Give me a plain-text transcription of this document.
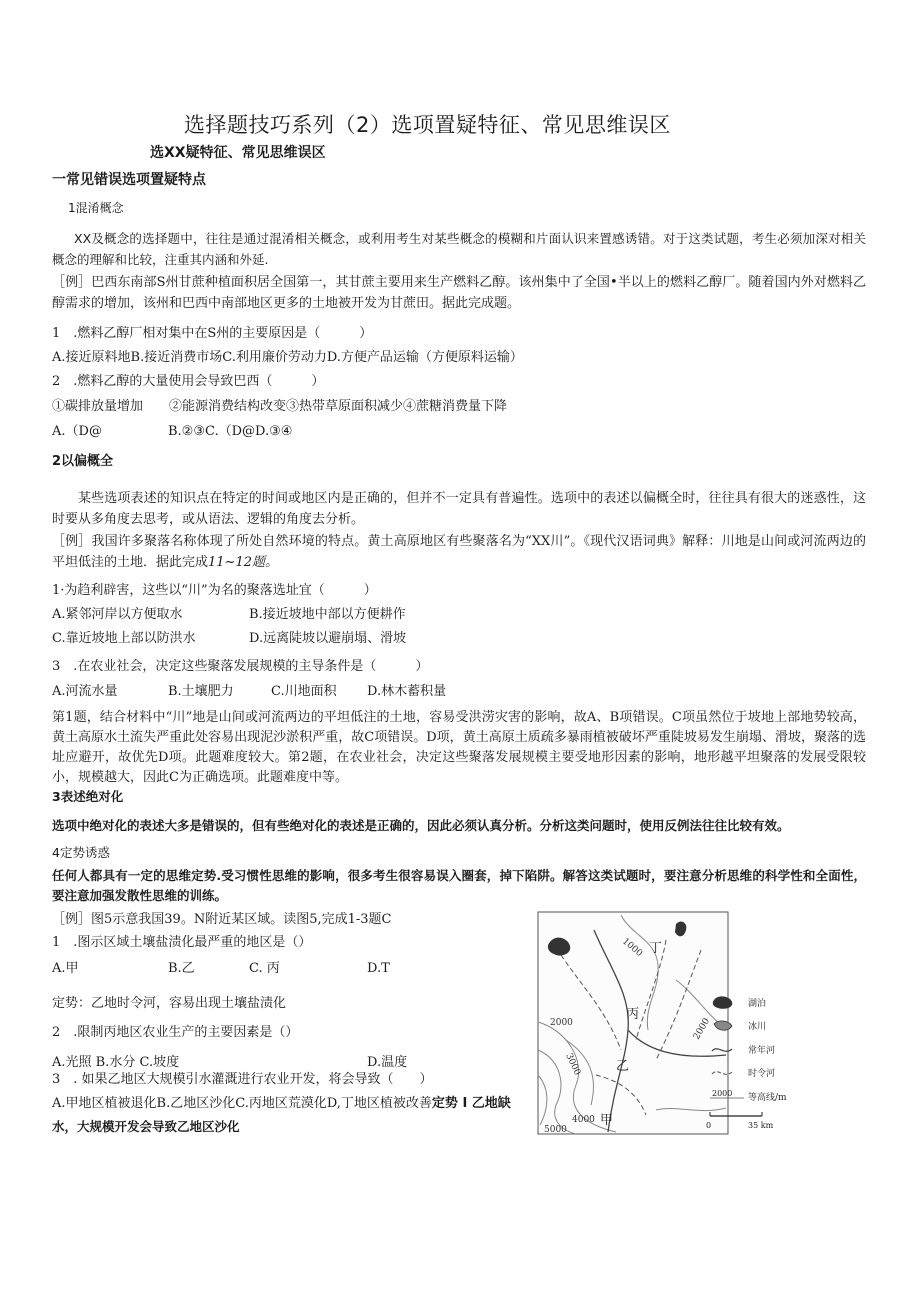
选择题技巧系列（2）选项置疑特征、常见思维误区
选XX疑特征、常见思维误区
一常见错误选项置疑特点
1混淆概念
XX及概念的选择题中，往往是通过混淆相关概念，或利用考生对某些概念的模糊和片面认识来置感诱错。对于这类试题，考生必须加深对相关概念的理解和比较，注重其内涵和外延.
［例］巴西东南部S州甘蔗种植面积居全国第一，其甘蔗主要用来生产燃料乙醇。该州集中了全国•半以上的燃料乙醇厂。随着国内外对燃料乙醇需求的增加，该州和巴西中南部地区更多的土地被开发为甘蔗田。据此完成题。
1　.燃料乙醇厂相对集中在S州的主要原因是（　　　）
A.接近原料地B.接近消费市场C.利用廉价劳动力D.方便产品运输（方便原料运输）
2　.燃料乙醇的大量使用会导致巴西（　　　）
①碳排放量增加　　②能源消费结构改变③热带草原面积减少④蔗糖消费量下降
A.（D@	B.②③C.（D@D.③④
2以偏概全
某些选项表述的知识点在特定的时间或地区内是正确的，但并不一定具有普遍性。选项中的表述以偏概全时，往往具有很大的迷惑性，这时要从多角度去思考，或从语法、逻辑的角度去分析。
［例］我国许多聚落名称体现了所处自然环境的特点。黄土高原地区有些聚落名为“XX川”。《现代汉语词典》解释：川地是山间或河流两边的平坦低洼的土地．据此完成11~12题。
1·为趋利辟害，这些以“川”为名的聚落选址宜（　　　）
A.紧邻河岸以方便取水	B.接近坡地中部以方便耕作
C.靠近坡地上部以防洪水	D.远离陡坡以避崩塌、滑坡
3　.在农业社会，决定这些聚落发展规模的主导条件是（　　　）
A.河流水量	B.土壤肥力	C.川地面积 D.林木蓄积量
第1题，结合材料中“川”地是山间或河流两边的平坦低注的土地，容易受洪涝灾害的影响，故A、B项错误。C项虽然位于坡地上部地势较高，黄土高原水土流失严重此处容易出现泥沙淤积严重，故C项错误。D项，黄土高原土质疏多暴雨植被破坏严重陡坡易发生崩塌、滑坡，聚落的选址应避开，故优先D项。此题难度较大。第2题，在农业社会，决定这些聚落发展规模主要受地形因素的影响，地形越平坦聚落的发展受限较小，规模越大，因此C为正确选项。此题难度中等。
3表述绝对化
选项中绝对化的表述大多是错误的，但有些绝对化的表述是正确的，因此必须认真分析。分析这类问题时，使用反例法往往比较有效。
4定势诱惑
任何人都具有一定的思维定势.受习惯性思维的影响，很多考生很容易误入圈套，掉下陷阱。解答这类试题时，要注意分析思维的科学性和全面性，要注意加强发散性思维的训练。
［例］图5示意我国39。N附近某区域。读图5,完成1-3题C
1　.图示区域土壤盐渍化最严重的地区是（）
A.甲	B.乙	C. 丙	D.T
定势：乙地时令河，容易出现土壤盐渍化
2　.限制丙地区农业生产的主要因素是（）
A.光照 B.水分 C.坡度	D.温度
3　. 如果乙地区大规模引水灌溉进行农业开发，将会导致（　　）
A.甲地区植被退化B.乙地区沙化C.丙地区荒漠化D,丁地区植被改善定势 I 乙地缺
水，大规模开发会导致乙地区沙化
1000
2000
3000
4000
5000
2000
丁
丙
乙
甲
湖泊
冰川
常年河
时令河
2000 等高线/m
0	35 km
